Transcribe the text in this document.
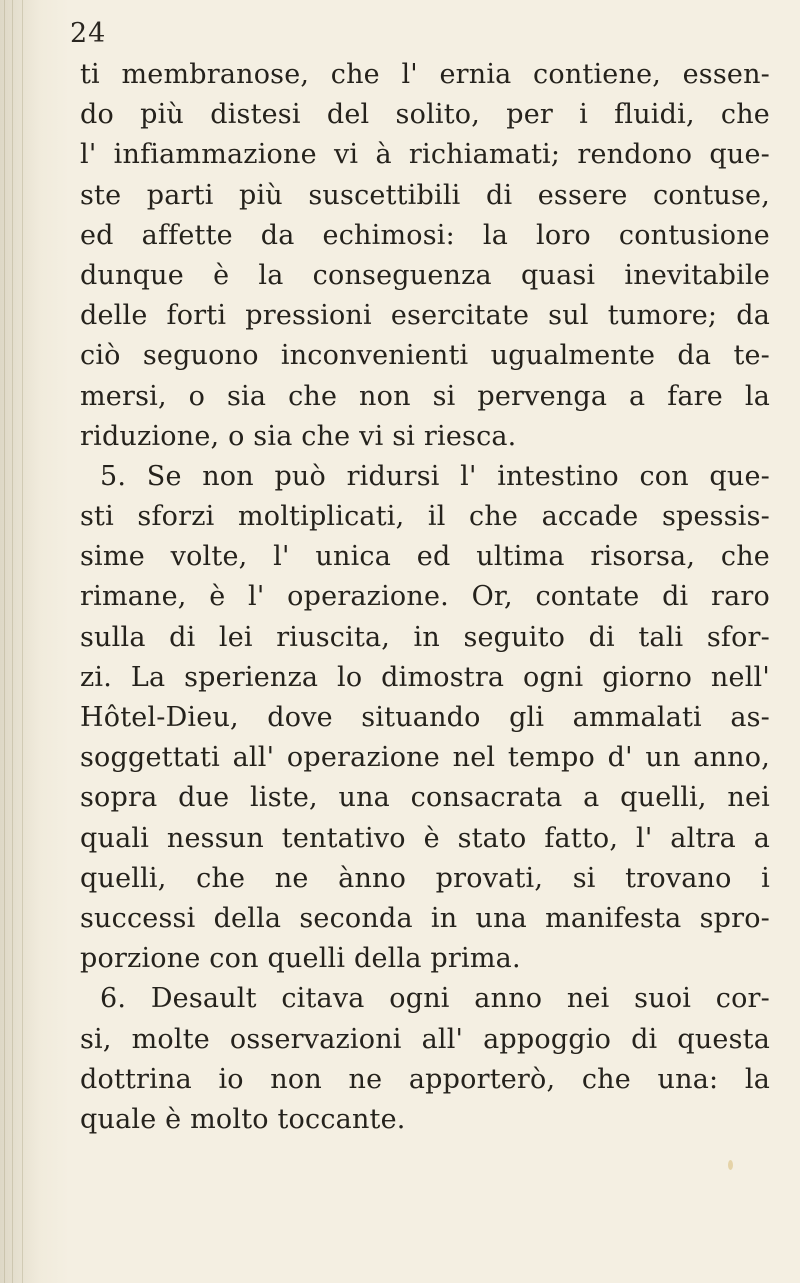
24
ti membranose, che l' ernia contiene, essen-
do più distesi del solito, per i fluidi, che
l' infiammazione vi à richiamati; rendono que-
ste parti più suscettibili di essere contuse,
ed affette da echimosi: la loro contusione
dunque è la conseguenza quasi inevitabile
delle forti pressioni esercitate sul tumore; da
ciò seguono inconvenienti ugualmente da te-
mersi, o sia che non si pervenga a fare la
riduzione, o sia che vi si riesca.
5. Se non può ridursi l' intestino con que-
sti sforzi moltiplicati, il che accade spessis-
sime volte, l' unica ed ultima risorsa, che
rimane, è l' operazione. Or, contate di raro
sulla di lei riuscita, in seguito di tali sfor-
zi. La sperienza lo dimostra ogni giorno nell'
Hôtel-Dieu, dove situando gli ammalati as-
soggettati all' operazione nel tempo d' un anno,
sopra due liste, una consacrata a quelli, nei
quali nessun tentativo è stato fatto, l' altra a
quelli, che ne ànno provati, si trovano i
successi della seconda in una manifesta spro-
porzione con quelli della prima.
6. Desault citava ogni anno nei suoi cor-
si, molte osservazioni all' appoggio di questa
dottrina io non ne apporterò, che una: la
quale è molto toccante.
